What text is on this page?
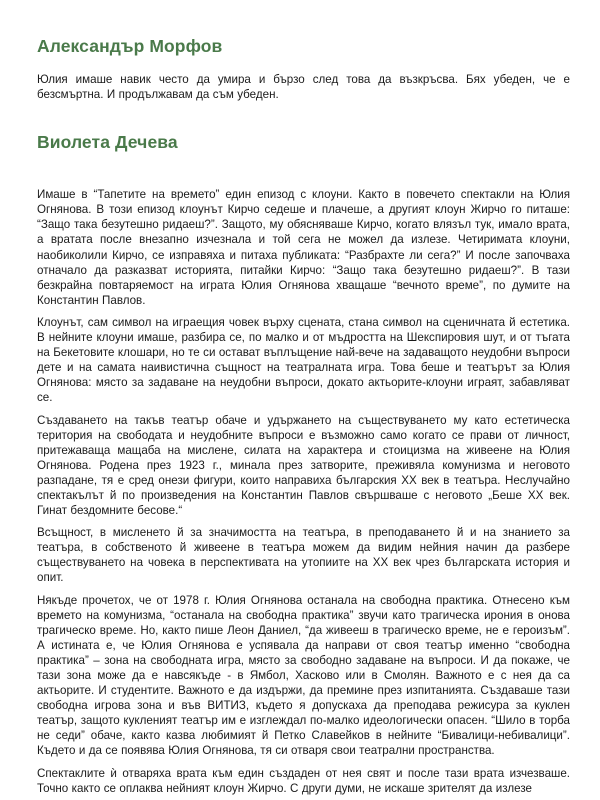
Александър Морфов

Юлия имаше навик често да умира и бързо след това да възкръсва. Бях убеден, че е безсмъртна. И продължавам да съм убеден.

Виолета Дечева

Имаше в “Тапетите на времето” един епизод с клоуни. Както в повечето спектакли на Юлия Огнянова. В този епизод клоунът Кирчо седеше и плачеше, а другият клоун Жирчо го питаше: “Защо така безутешно ридаеш?”. Защото, му обясняваше Кирчо, когато влязъл тук, имало врата, а вратата после внезапно изчезнала и той сега не можел да излезе. Четиримата клоуни, наобиколили Кирчо, се изправяха и питаха публиката: “Разбрахте ли сега?” И после започваха отначало да разказват историята, питайки Кирчо: “Защо така безутешно ридаеш?”. В тази безкрайна повтаряемост на играта Юлия Огнянова хващаше “вечното време”, по думите на Константин Павлов.

Клоунът, сам символ на играещия човек върху сцената, стана символ на сценичната й естетика. В нейните клоуни имаше, разбира се, по малко и от мъдростта на Шекспировия шут, и от тъгата на Бекетовите клошари, но те си остават въплъщение най-вече на задаващото неудобни въпроси дете и на самата наивистична същност на театралната игра. Това беше и театърът за Юлия Огнянова: място за задаване на неудобни въпроси, докато актьорите-клоуни играят, забавляват се.

Създаването на такъв театър обаче и удържането на съществуването му като естетическа територия на свободата и неудобните въпроси е възможно само когато се прави от личност, притежаваща мащаба на мислене, силата на характера и стоицизма на живеене на Юлия Огнянова. Родена през 1923 г., минала през затворите, преживяла комунизма и неговото разпадане, тя е сред онези фигури, които направиха българския ХХ век в театъра. Неслучайно спектакълът й по произведения на Константин Павлов свършваше с неговото „Беше ХХ век. Гинат бездомните бесове.“

Всъщност, в мисленето й за значимостта на театъра, в преподаването й и на знанието за театъра, в собственото й живеене в театъра можем да видим нейния начин да разбере съществуването на човека в перспективата на утопиите на ХХ век чрез българската история и опит.

Някъде прочетох, че от 1978 г. Юлия Огнянова останала на свободна практика. Отнесено към времето на комунизма, “останала на свободна практика” звучи като трагическа ирония в онова трагическо време. Но, както пише Леон Даниел, “да живееш в трагическо време, не е героизъм”. А истината е, че Юлия Огнянова е успявала да направи от своя театър именно “свободна практика” – зона на свободната игра, място за свободно задаване на въпроси. И да покаже, че тази зона може да е навсякъде - в Ямбол, Хасково или в Смолян. Важното е с нея да са актьорите. И студентите. Важното е да издържи, да премине през изпитанията. Създаваше тази свободна игрова зона и във ВИТИЗ, където я допускаха да преподава режисура за куклен театър, защото кукленият театър им е изглеждал по-малко идеологически опасен. “Шило в торба не седи” обаче, както казва любимият й Петко Славейков в нейните “Бивалици-небивалици”. Където и да се появява Юлия Огнянова, тя си отваря свои театрални пространства.

Спектаклите ѝ отваряха врата към един създаден от нея свят и после тази врата изчезваше. Точно както се оплаква нейният клоун Жирчо. С други думи, не искаше зрителят да излезе
